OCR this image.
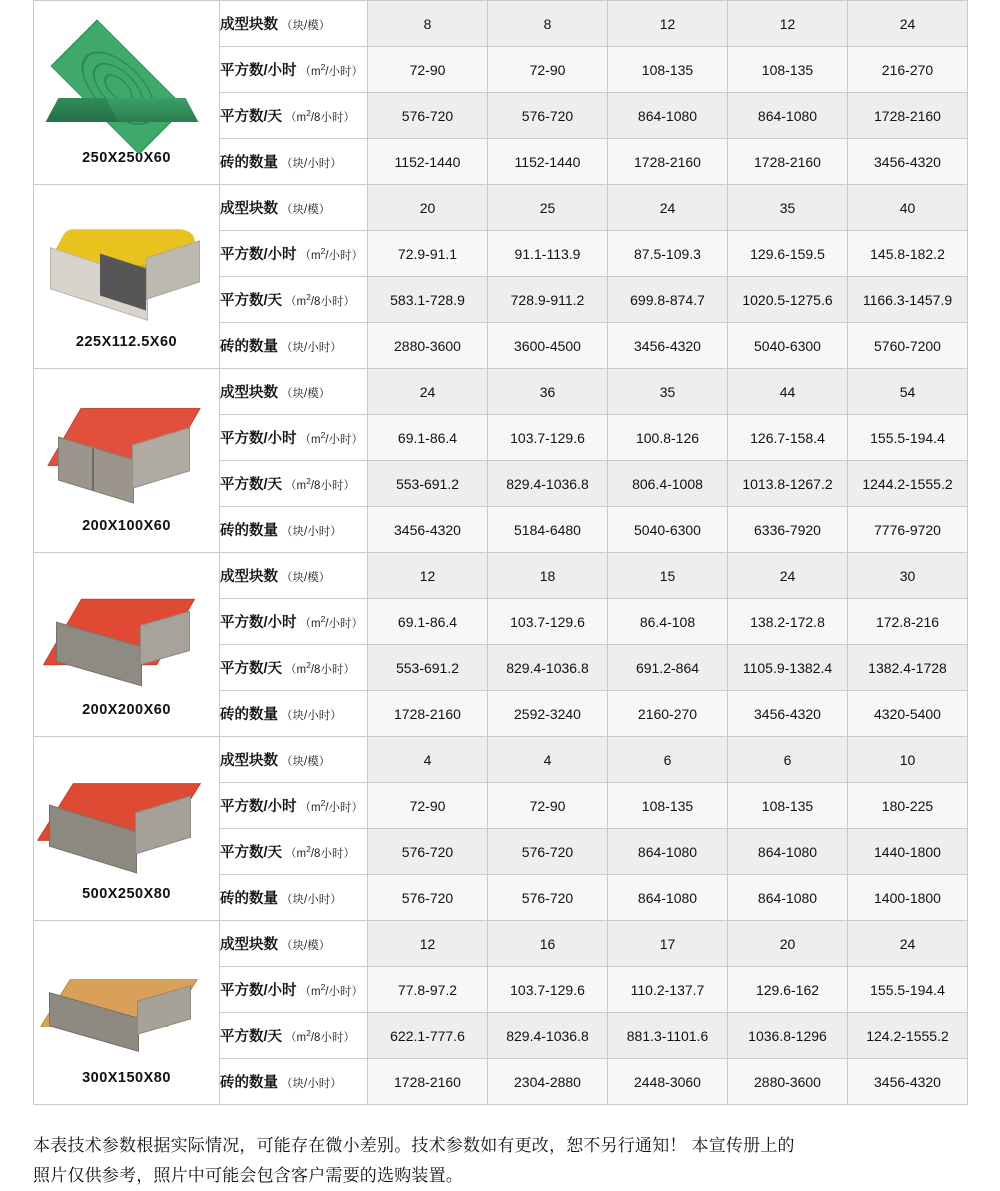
250X250X60	成型块数 （块/模）	8	8	12	12	24
	平方数/小时 （$m^2/$小时）	72-90	72-90	108-135	108-135	216-270
	平方数/天 （$m^2/8$小时）	576-720	576-720	864-1080	864-1080	1728-2160
	砖的数量 （块/小时）	1152-1440	1152-1440	1728-2160	1728-2160	3456-4320

225X112.5X60	成型块数 （块/模）	20	25	24	35	40
	平方数/小时 （$m^2/$小时）	72.9-91.1	91.1-113.9	87.5-109.3	129.6-159.5	145.8-182.2
	平方数/天 （$m^2/8$小时）	583.1-728.9	728.9-911.2	699.8-874.7	1020.5-1275.6	1166.3-1457.9
	砖的数量 （块/小时）	2880-3600	3600-4500	3456-4320	5040-6300	5760-7200

200X100X60	成型块数 （块/模）	24	36	35	44	54
	平方数/小时 （$m^2/$小时）	69.1-86.4	103.7-129.6	100.8-126	126.7-158.4	155.5-194.4
	平方数/天 （$m^2/8$小时）	553-691.2	829.4-1036.8	806.4-1008	1013.8-1267.2	1244.2-1555.2
	砖的数量 （块/小时）	3456-4320	5184-6480	5040-6300	6336-7920	7776-9720

200X200X60	成型块数 （块/模）	12	18	15	24	30
	平方数/小时 （$m^2/$小时）	69.1-86.4	103.7-129.6	86.4-108	138.2-172.8	172.8-216
	平方数/天 （$m^2/8$小时）	553-691.2	829.4-1036.8	691.2-864	1105.9-1382.4	1382.4-1728
	砖的数量 （块/小时）	1728-2160	2592-3240	2160-270	3456-4320	4320-5400

500X250X80	成型块数 （块/模）	4	4	6	6	10
	平方数/小时 （$m^2/$小时）	72-90	72-90	108-135	108-135	180-225
	平方数/天 （$m^2/8$小时）	576-720	576-720	864-1080	864-1080	1440-1800
	砖的数量 （块/小时）	576-720	576-720	864-1080	864-1080	1400-1800

300X150X80	成型块数 （块/模）	12	16	17	20	24
	平方数/小时 （$m^2/$小时）	77.8-97.2	103.7-129.6	110.2-137.7	129.6-162	155.5-194.4
	平方数/天 （$m^2/8$小时）	622.1-777.6	829.4-1036.8	881.3-1101.6	1036.8-1296	124.2-1555.2
	砖的数量 （块/小时）	1728-2160	2304-2880	2448-3060	2880-3600	3456-4320
本表技术参数根据实际情况，可能存在微小差别。技术参数如有更改，恕不另行通知！ 本宣传册上的
照片仅供参考，照片中可能会包含客户需要的选购装置。
